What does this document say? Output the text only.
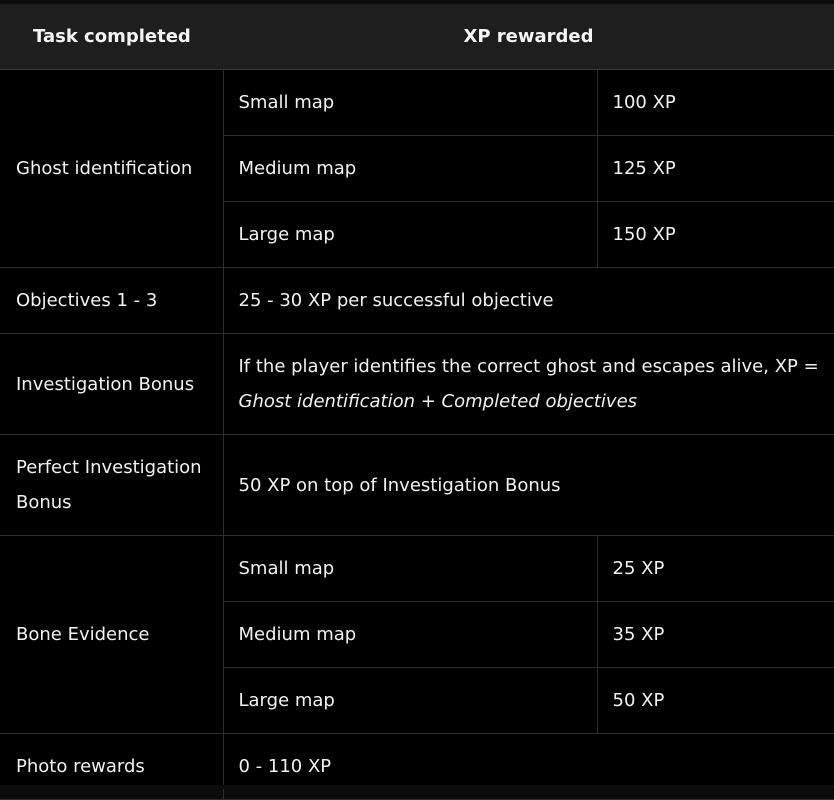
Task completed	XP rewarded	
Ghost identification	Small map	100 XP
	Medium map	125 XP
	Large map	150 XP
Objectives 1 - 3	25 - 30 XP per successful objective	
Investigation Bonus	If the player identifies the correct ghost and escapes alive, XP = Ghost identification + Completed objectives	
Perfect Investigation Bonus	50 XP on top of Investigation Bonus	
Bone Evidence	Small map	25 XP
	Medium map	35 XP
	Large map	50 XP
Photo rewards	0 - 110 XP	
